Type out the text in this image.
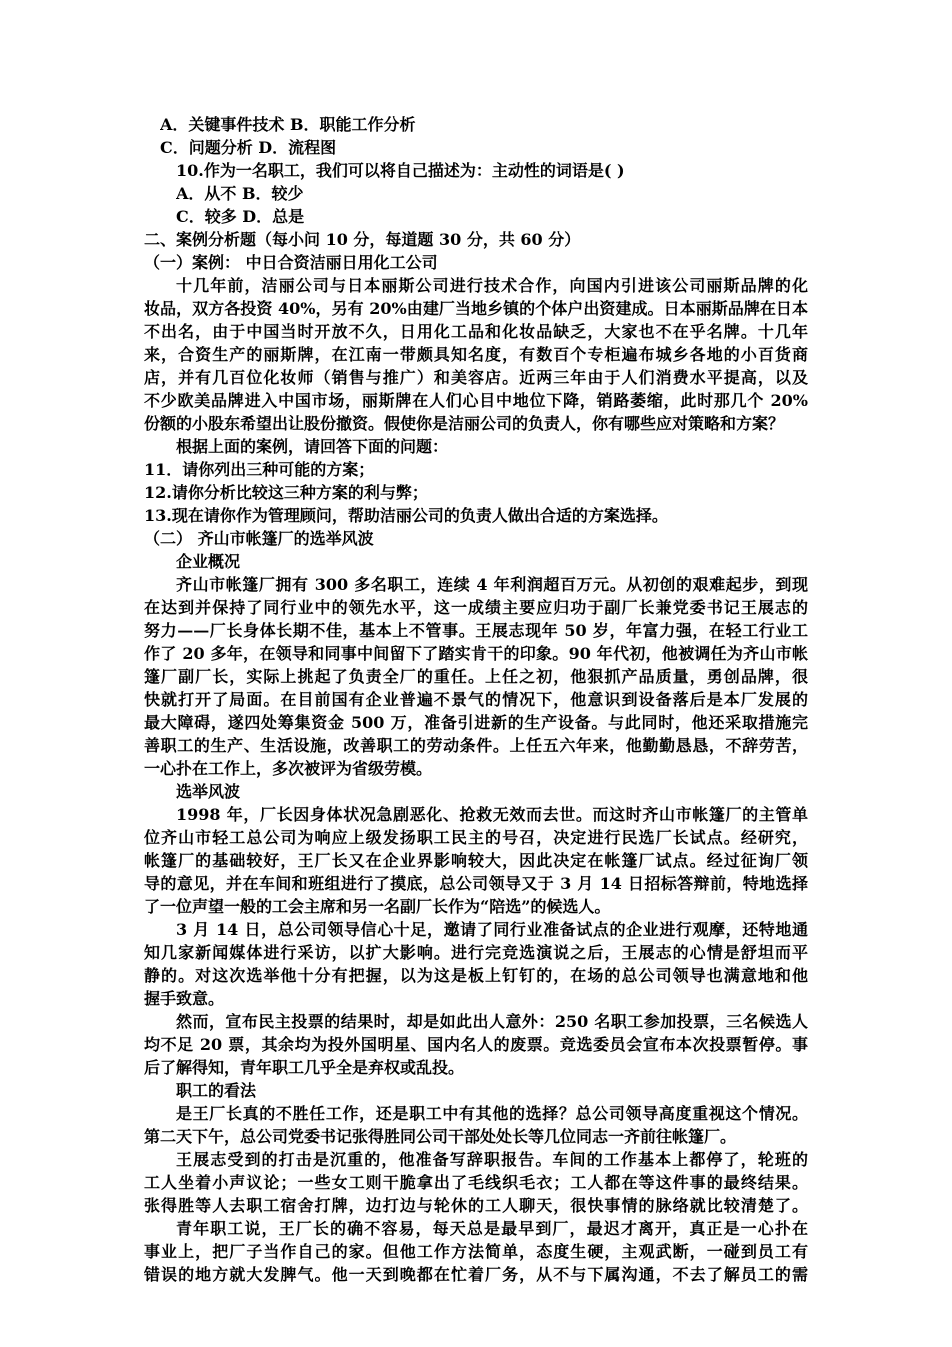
A．关键事件技术 B．职能工作分析
C．问题分析 D．流程图
10.作为一名职工，我们可以将自己描述为：主动性的词语是( )
A．从不 B．较少
C．较多 D．总是
二、案例分析题（每小问 10 分，每道题 30 分，共 60 分）
（一）案例： 中日合资洁丽日用化工公司
十几年前，洁丽公司与日本丽斯公司进行技术合作，向国内引进该公司丽斯品牌的化
妆品，双方各投资 40%，另有 20%由建厂当地乡镇的个体户出资建成。日本丽斯品牌在日本
不出名，由于中国当时开放不久，日用化工品和化妆品缺乏，大家也不在乎名牌。十几年
来，合资生产的丽斯牌，在江南一带颇具知名度，有数百个专柜遍布城乡各地的小百货商
店，并有几百位化妆师（销售与推广）和美容店。近两三年由于人们消费水平提高，以及
不少欧美品牌进入中国市场，丽斯牌在人们心目中地位下降，销路萎缩，此时那几个 20%
份额的小股东希望出让股份撤资。假使你是洁丽公司的负责人，你有哪些应对策略和方案？
根据上面的案例，请回答下面的问题：
11．请你列出三种可能的方案；
12.请你分析比较这三种方案的利与弊；
13.现在请你作为管理顾问，帮助洁丽公司的负责人做出合适的方案选择。
（二） 齐山市帐篷厂的选举风波
企业概况
齐山市帐篷厂拥有 300 多名职工，连续 4 年利润超百万元。从初创的艰难起步，到现
在达到并保持了同行业中的领先水平，这一成绩主要应归功于副厂长兼党委书记王展志的
努力——厂长身体长期不佳，基本上不管事。王展志现年 50 岁，年富力强，在轻工行业工
作了 20 多年，在领导和同事中间留下了踏实肯干的印象。90 年代初，他被调任为齐山市帐
篷厂副厂长，实际上挑起了负责全厂的重任。上任之初，他狠抓产品质量，勇创品牌，很
快就打开了局面。在目前国有企业普遍不景气的情况下，他意识到设备落后是本厂发展的
最大障碍，遂四处筹集资金 500 万，准备引进新的生产设备。与此同时，他还采取措施完
善职工的生产、生活设施，改善职工的劳动条件。上任五六年来，他勤勤恳恳，不辞劳苦，
一心扑在工作上，多次被评为省级劳模。
选举风波
1998 年，厂长因身体状况急剧恶化、抢救无效而去世。而这时齐山市帐篷厂的主管单
位齐山市轻工总公司为响应上级发扬职工民主的号召，决定进行民选厂长试点。经研究，
帐篷厂的基础较好，王厂长又在企业界影响较大，因此决定在帐篷厂试点。经过征询厂领
导的意见，并在车间和班组进行了摸底，总公司领导又于 3 月 14 日招标答辩前，特地选择
了一位声望一般的工会主席和另一名副厂长作为“陪选”的候选人。
3 月 14 日，总公司领导信心十足，邀请了同行业准备试点的企业进行观摩，还特地通
知几家新闻媒体进行采访，以扩大影响。进行完竞选演说之后，王展志的心情是舒坦而平
静的。对这次选举他十分有把握，以为这是板上钉钉的，在场的总公司领导也满意地和他
握手致意。
然而，宣布民主投票的结果时，却是如此出人意外：250 名职工参加投票，三名候选人
均不足 20 票，其余均为投外国明星、国内名人的废票。竞选委员会宣布本次投票暂停。事
后了解得知，青年职工几乎全是弃权或乱投。
职工的看法
是王厂长真的不胜任工作，还是职工中有其他的选择？总公司领导高度重视这个情况。
第二天下午，总公司党委书记张得胜同公司干部处处长等几位同志一齐前往帐篷厂。
王展志受到的打击是沉重的，他准备写辞职报告。车间的工作基本上都停了，轮班的
工人坐着小声议论；一些女工则干脆拿出了毛线织毛衣；工人都在等这件事的最终结果。
张得胜等人去职工宿舍打牌，边打边与轮休的工人聊天，很快事情的脉络就比较清楚了。
青年职工说，王厂长的确不容易，每天总是最早到厂，最迟才离开，真正是一心扑在
事业上，把厂子当作自己的家。但他工作方法简单，态度生硬，主观武断，一碰到员工有
错误的地方就大发脾气。他一天到晚都在忙着厂务，从不与下属沟通，不去了解员工的需
